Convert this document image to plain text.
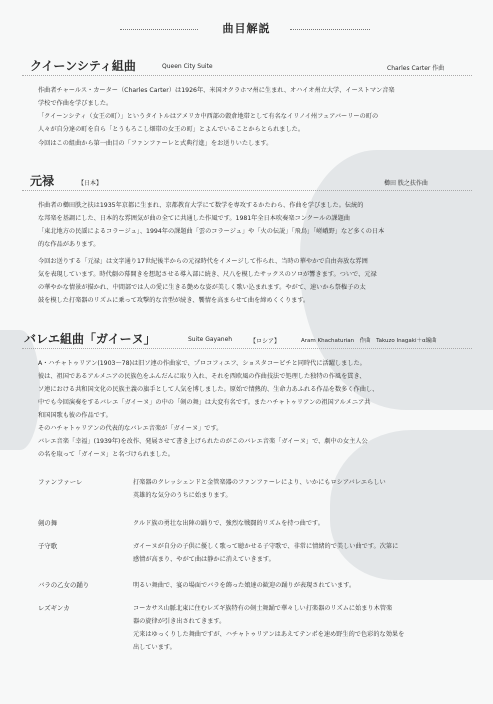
曲目解説
クイーンシティ組曲	Queen City Suite	Charles Carter 作曲
作曲者チャールス・カーター（Charles Carter）は1926年、米国オクラホマ州に生まれ、オハイオ州立大学、イーストマン音楽
学校で作曲を学びました。
「クイーンシティ（女王の町）」というタイトルはアメリカ中西部の穀倉地帯として有名なイリノイ州フェアバーリーの町の
人々が自分達の町を自ら「とうもろこし畑帯の女王の町」とよんでいることからとられました。
今回はこの組曲から第一曲目の「ファンファーレと式典行進」をお送りいたします。
元禄	【日本】	櫛田 胅之扶作曲
作曲者の櫛田胅之扶は1935年京都に生まれ、京都教育大学にて数学を専攻するかたわら、作曲を学びました。伝統的
な邦楽を基調にした、日本的な雰囲気が曲の全てに共通した作風です。1981年全日本吹奏楽コンクールの課題曲
「東北地方の民謡によるコラージュ」、1994年の課題曲「雲のコラージュ」や「火の伝説」「飛鳥」「嵯峨野」など多くの日本
的な作品があります。
今回お送りする「元禄」は文字通り17世紀後半からの元禄時代をイメージして作られ、当時の華やかで自由奔放な雰囲
気を表現しています。時代劇の幕開きを想起させる導入部に続き、尺八を模したサックスのソロが響きます。ついで、元禄
の華やかな情景が描かれ、中間部では人の愛に生きる艶めな姿が美しく歌い込まれます。やがて、速いから祭権子の太
鼓を模した打楽器のリズムに乗って攻撃的な音型が続き、饗情を高まらせて曲を締めくくります。
バレエ組曲「ガイーヌ」	Suite Gayaneh	【ロシア】	Aram Khachaturian　作曲　Takuzo Inagaki＋α編曲
A・ハチャトゥリアン(1903〜78)は旧ソ連の作曲家で、プロコフィエフ、ショスタコービチと同時代に活躍しました。
彼は、祖国であるアルメニアの民族色をふんだんに取り入れ、それを西欧風の作曲技法で処理した独特の作風を貫き、
ソ連における共和国文化の民族主義の旗手として人気を博しました。原始で情熱的、生命力あふれる作品を数多く作曲し、
中でも今回演奏をするバレエ「ガイーヌ」の中の「剣の舞」は大変有名です。またハチャトゥリアンの祖国アルメニア共
和国国歌も彼の作品です。
そのハチャトゥリアンの代表的なバレエ音楽が「ガイーヌ」です。
バレエ音楽「幸福」(1939年)を改作、発展させて書き上げられたのがこのバレエ音楽「ガイーヌ」で、劇中の女主人公
の名を取って「ガイーヌ」と名づけられました。
ファンファーレ	打楽器のクレッシェンドと金管楽器のファンファーレにより、いかにもロシアバレエらしい
英雄的な気分のうちに始まります。
剣の舞	クルド族の勇壮な出陣の踊りで、強烈な戦闘的リズムを持つ曲です。
子守歌	ガイーヌが自分の子供に優しく歌って聴かせる子守歌で、非常に情緒的で美しい曲です。次第に
感情が高まり、やがて曲は静かに消えていきます。
バラの乙女の踊り	明るい舞曲で、宴の場面でバラを飾った娘達の歓迎の踊りが表現されています。
レズギンカ	コーカサス山脈北東に住むレズギ族特有の剣士舞踊で華々しい打楽器のリズムに始まり木管楽
器の旋律が引き出されてきます。
元来はゆっくりした舞曲ですが、ハチャトゥリアンはあえてテンポを速め野生的で色彩的な効果を
出しています。
